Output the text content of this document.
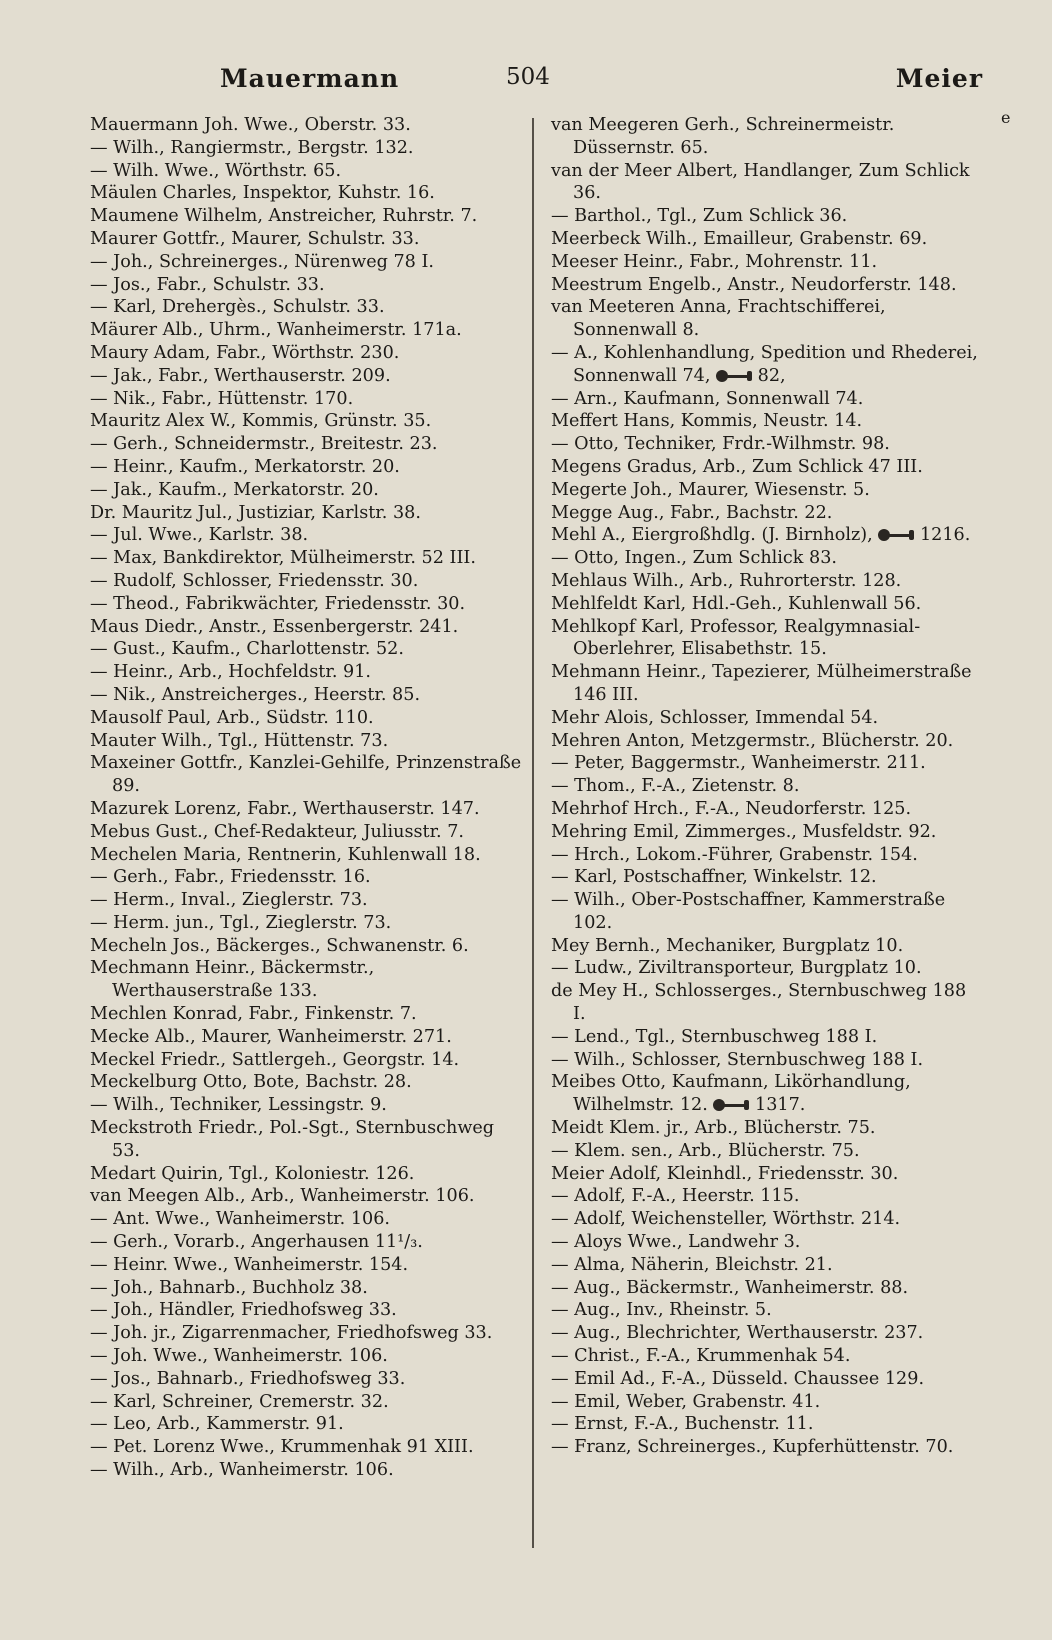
Mauermann	504	Meier
e

Mauermann Joh. Wwe., Oberstr. 33.

— Wilh., Rangiermstr., Bergstr. 132.

— Wilh. Wwe., Wörthstr. 65.

Mäulen Charles, Inspektor, Kuhstr. 16.

Maumene Wilhelm, Anstreicher, Ruhrstr. 7.

Maurer Gottfr., Maurer, Schulstr. 33.

— Joh., Schreinerges., Nürenweg 78 I.

— Jos., Fabr., Schulstr. 33.

— Karl, Drehergès., Schulstr. 33.

Mäurer Alb., Uhrm., Wanheimerstr. 171a.

Maury Adam, Fabr., Wörthstr. 230.

— Jak., Fabr., Werthauserstr. 209.

— Nik., Fabr., Hüttenstr. 170.

Mauritz Alex W., Kommis, Grünstr. 35.

— Gerh., Schneidermstr., Breitestr. 23.

— Heinr., Kaufm., Merkatorstr. 20.

— Jak., Kaufm., Merkatorstr. 20.

Dr. Mauritz Jul., Justiziar, Karlstr. 38.

— Jul. Wwe., Karlstr. 38.

— Max, Bankdirektor, Mülheimerstr. 52 III.

— Rudolf, Schlosser, Friedensstr. 30.

— Theod., Fabrikwächter, Friedensstr. 30.

Maus Diedr., Anstr., Essenbergerstr. 241.

— Gust., Kaufm., Charlottenstr. 52.

— Heinr., Arb., Hochfeldstr. 91.

— Nik., Anstreicherges., Heerstr. 85.

Mausolf Paul, Arb., Südstr. 110.

Mauter Wilh., Tgl., Hüttenstr. 73.

Maxeiner Gottfr., Kanzlei-Gehilfe, Prinzenstraße 89.

Mazurek Lorenz, Fabr., Werthauserstr. 147.

Mebus Gust., Chef-Redakteur, Juliusstr. 7.

Mechelen Maria, Rentnerin, Kuhlenwall 18.

— Gerh., Fabr., Friedensstr. 16.

— Herm., Inval., Zieglerstr. 73.

— Herm. jun., Tgl., Zieglerstr. 73.

Mecheln Jos., Bäckerges., Schwanenstr. 6.

Mechmann Heinr., Bäckermstr., Werthauserstraße 133.

Mechlen Konrad, Fabr., Finkenstr. 7.

Mecke Alb., Maurer, Wanheimerstr. 271.

Meckel Friedr., Sattlergeh., Georgstr. 14.

Meckelburg Otto, Bote, Bachstr. 28.

— Wilh., Techniker, Lessingstr. 9.

Meckstroth Friedr., Pol.-Sgt., Sternbuschweg 53.

Medart Quirin, Tgl., Koloniestr. 126.

van Meegen Alb., Arb., Wanheimerstr. 106.

— Ant. Wwe., Wanheimerstr. 106.

— Gerh., Vorarb., Angerhausen 11¹/₃.

— Heinr. Wwe., Wanheimerstr. 154.

— Joh., Bahnarb., Buchholz 38.

— Joh., Händler, Friedhofsweg 33.

— Joh. jr., Zigarrenmacher, Friedhofsweg 33.

— Joh. Wwe., Wanheimerstr. 106.

— Jos., Bahnarb., Friedhofsweg 33.

— Karl, Schreiner, Cremerstr. 32.

— Leo, Arb., Kammerstr. 91.

— Pet. Lorenz Wwe., Krummenhak 91 XIII.

— Wilh., Arb., Wanheimerstr. 106.

van Meegeren Gerh., Schreinermeistr. Düssernstr. 65.

van der Meer Albert, Handlanger, Zum Schlick 36.

— Barthol., Tgl., Zum Schlick 36.

Meerbeck Wilh., Emailleur, Grabenstr. 69.

Meeser Heinr., Fabr., Mohrenstr. 11.

Meestrum Engelb., Anstr., Neudorferstr. 148.

van Meeteren Anna, Frachtschifferei, Sonnenwall 8.

— A., Kohlenhandlung, Spedition und Rhederei, Sonnenwall 74,	82,

— Arn., Kaufmann, Sonnenwall 74.

Meffert Hans, Kommis, Neustr. 14.

— Otto, Techniker, Frdr.-Wilhmstr. 98.

Megens Gradus, Arb., Zum Schlick 47 III.

Megerte Joh., Maurer, Wiesenstr. 5.

Megge Aug., Fabr., Bachstr. 22.

Mehl A., Eiergroßhdlg. (J. Birnholz),	1216.

— Otto, Ingen., Zum Schlick 83.

Mehlaus Wilh., Arb., Ruhrorterstr. 128.

Mehlfeldt Karl, Hdl.-Geh., Kuhlenwall 56.

Mehlkopf Karl, Professor, Realgymnasial-Oberlehrer, Elisabethstr. 15.

Mehmann Heinr., Tapezierer, Mülheimerstraße 146 III.

Mehr Alois, Schlosser, Immendal 54.

Mehren Anton, Metzgermstr., Blücherstr. 20.

— Peter, Baggermstr., Wanheimerstr. 211.

— Thom., F.-A., Zietenstr. 8.

Mehrhof Hrch., F.-A., Neudorferstr. 125.

Mehring Emil, Zimmerges., Musfeldstr. 92.

— Hrch., Lokom.-Führer, Grabenstr. 154.

— Karl, Postschaffner, Winkelstr. 12.

— Wilh., Ober-Postschaffner, Kammerstraße 102.

Mey Bernh., Mechaniker, Burgplatz 10.

— Ludw., Ziviltransporteur, Burgplatz 10.

de Mey H., Schlosserges., Sternbuschweg 188 I.

— Lend., Tgl., Sternbuschweg 188 I.

— Wilh., Schlosser, Sternbuschweg 188 I.

Meibes Otto, Kaufmann, Likörhandlung, Wilhelmstr. 12.	1317.

Meidt Klem. jr., Arb., Blücherstr. 75.

— Klem. sen., Arb., Blücherstr. 75.

Meier Adolf, Kleinhdl., Friedensstr. 30.

— Adolf, F.-A., Heerstr. 115.

— Adolf, Weichensteller, Wörthstr. 214.

— Aloys Wwe., Landwehr 3.

— Alma, Näherin, Bleichstr. 21.

— Aug., Bäckermstr., Wanheimerstr. 88.

— Aug., Inv., Rheinstr. 5.

— Aug., Blechrichter, Werthauserstr. 237.

— Christ., F.-A., Krummenhak 54.

— Emil Ad., F.-A., Düsseld. Chaussee 129.

— Emil, Weber, Grabenstr. 41.

— Ernst, F.-A., Buchenstr. 11.

— Franz, Schreinerges., Kupferhüttenstr. 70.
